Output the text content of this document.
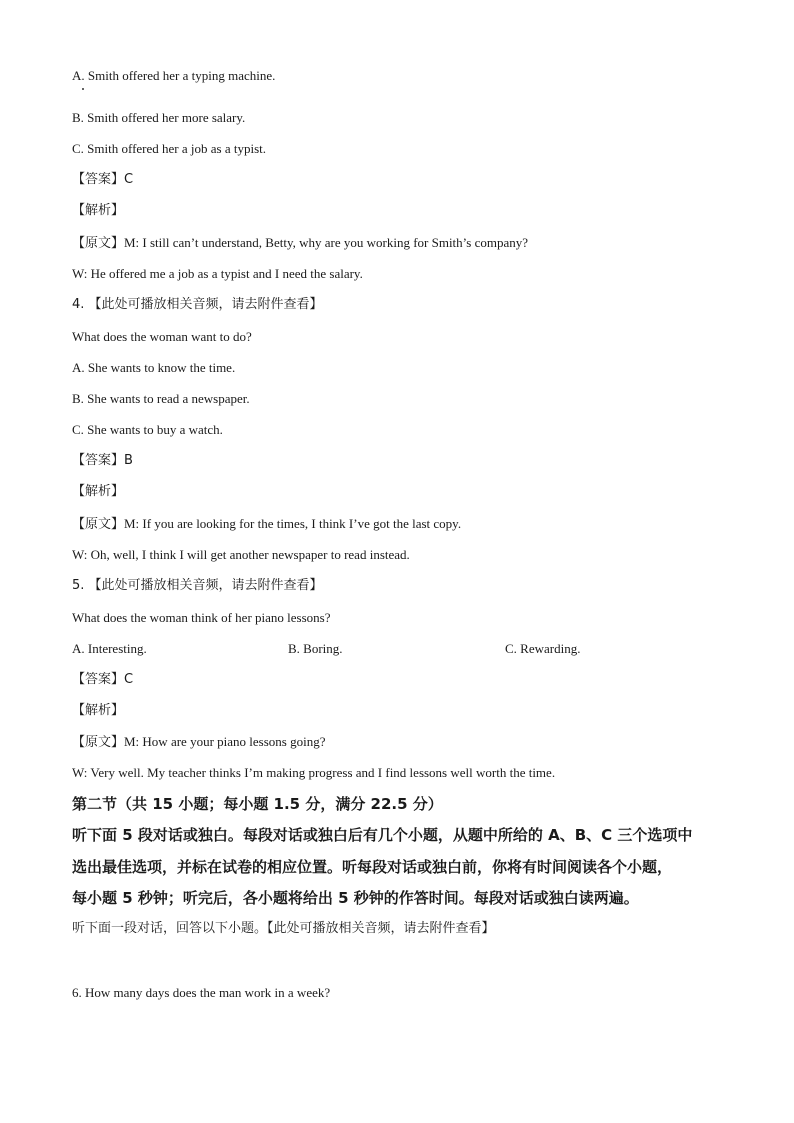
A. Smith offered her a typing machine.
B. Smith offered her more salary.
C. Smith offered her a job as a typist.
【答案】C
【解析】
【原文】M: I still can’t understand, Betty, why are you working for Smith’s company?
W: He offered me a job as a typist and I need the salary.
4. 【此处可播放相关音频，请去附件查看】
What does the woman want to do?
A. She wants to know the time.
B. She wants to read a newspaper.
C. She wants to buy a watch.
【答案】B
【解析】
【原文】M: If you are looking for the times, I think I’ve got the last copy.
W: Oh, well, I think I will get another newspaper to read instead.
5. 【此处可播放相关音频，请去附件查看】
What does the woman think of her piano lessons?
A. Interesting.	B. Boring.	C. Rewarding.
【答案】C
【解析】
【原文】M: How are your piano lessons going?
W: Very well. My teacher thinks I’m making progress and I find lessons well worth the time.
第二节（共 15 小题；每小题 1.5 分，满分 22.5 分）
听下面 5 段对话或独白。每段对话或独白后有几个小题，从题中所给的 A、B、C 三个选项中
选出最佳选项，并标在试卷的相应位置。听每段对话或独白前，你将有时间阅读各个小题，
每小题 5 秒钟；听完后，各小题将给出 5 秒钟的作答时间。每段对话或独白读两遍。
听下面一段对话，回答以下小题。【此处可播放相关音频，请去附件查看】
6. How many days does the man work in a week?
